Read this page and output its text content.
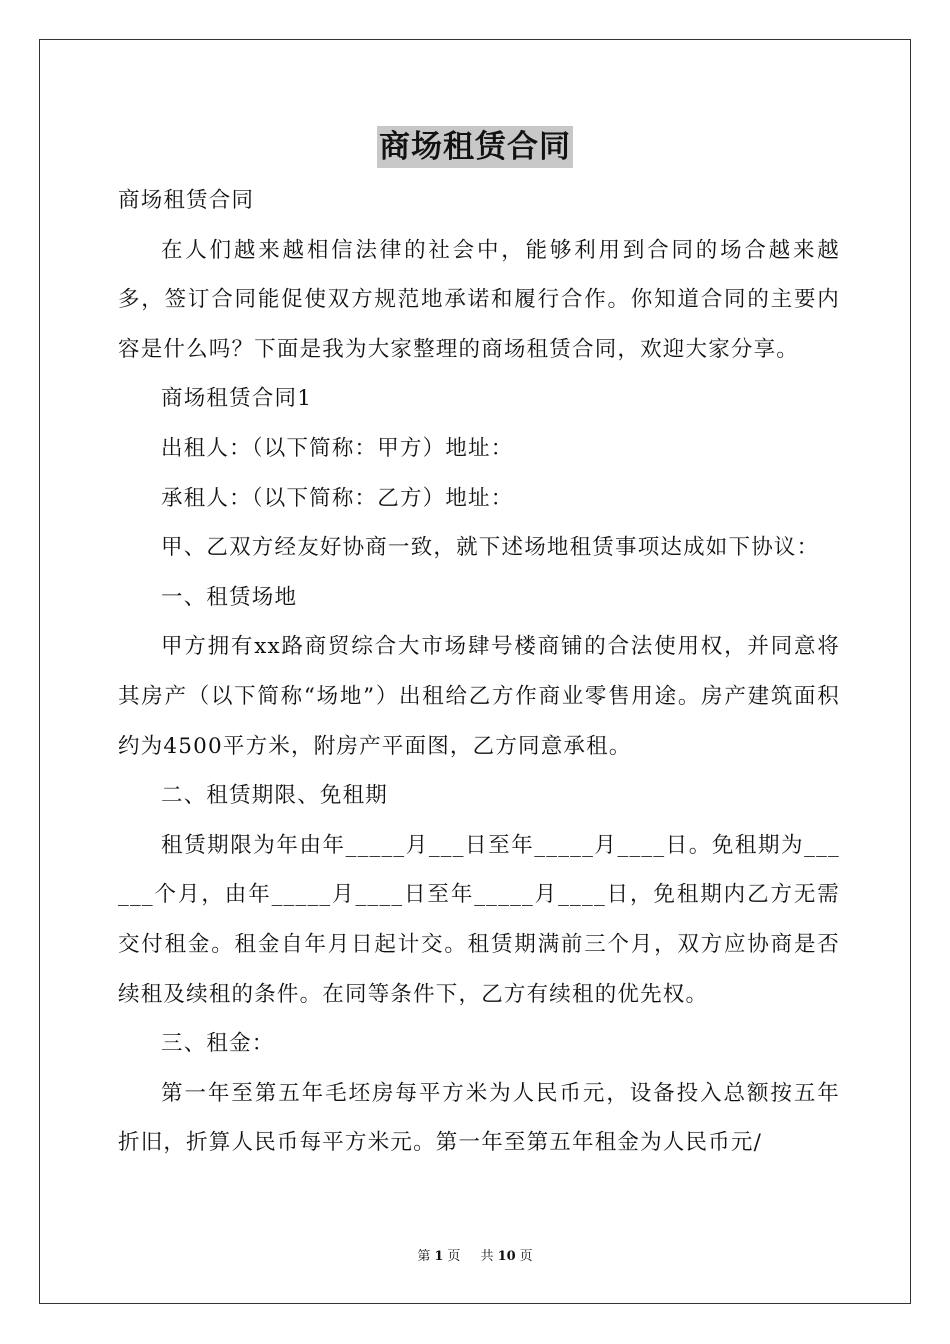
商场租赁合同

商场租赁合同

在人们越来越相信法律的社会中，能够利用到合同的场合越来越多，签订合同能促使双方规范地承诺和履行合作。你知道合同的主要内容是什么吗？下面是我为大家整理的商场租赁合同，欢迎大家分享。

商场租赁合同1

出租人：（以下简称：甲方）地址：

承租人：（以下简称：乙方）地址：

甲、乙双方经友好协商一致，就下述场地租赁事项达成如下协议：

一、租赁场地

甲方拥有xx路商贸综合大市场肆号楼商铺的合法使用权，并同意将其房产（以下简称“场地”）出租给乙方作商业零售用途。房产建筑面积约为4500平方米，附房产平面图，乙方同意承租。

二、租赁期限、免租期

租赁期限为年由年_____月___日至年_____月____日。免租期为______个月，由年_____月____日至年_____月____日，免租期内乙方无需交付租金。租金自年月日起计交。租赁期满前三个月，双方应协商是否续租及续租的条件。在同等条件下，乙方有续租的优先权。

三、租金：

第一年至第五年毛坯房每平方米为人民币元，设备投入总额按五年折旧，折算人民币每平方米元。第一年至第五年租金为人民币元/

第 1 页 共 10 页
